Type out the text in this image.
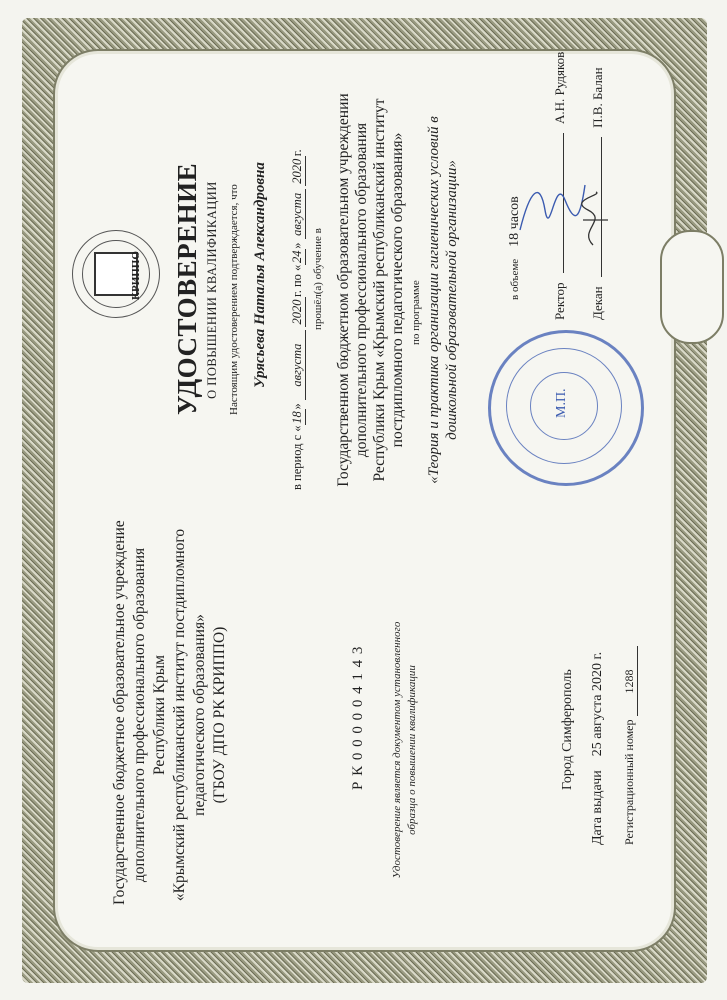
Государственное бюджетное образовательное учреждение дополнительного профессионального образования Республики Крым «Крымский республиканский институт постдипломного педагогического образования» (ГБОУ ДПО РК КРИППО)	Р К 0 0 0 0 0 4 1 4 3 Удостоверение является документом установленного образца о повышении квалификации	Город Симферополь
Дата выдачи    25 августа 2020 г.
Регистрационный номер 1288
КРИППО УДОСТОВЕРЕНИЕ О ПОВЫШЕНИИ КВАЛИФИКАЦИИ Настоящим удостоверением подтверждается, что Урясьева Наталья Александровна
в период с «18» августа 2020г. по «24» августа 2020г.
прошёл(а) обучение в Государственном бюджетном образовательном учреждении дополнительного профессионального образования Республики Крым «Крымский республиканский институт постдипломного педагогического образования» по программе «Теория и практика организации гигиенических условий в дошкольной образовательной организации»	М.П.
в объеме 18 часов
Ректор  А.Н. Рудяков
Декан  П.В. Балан
